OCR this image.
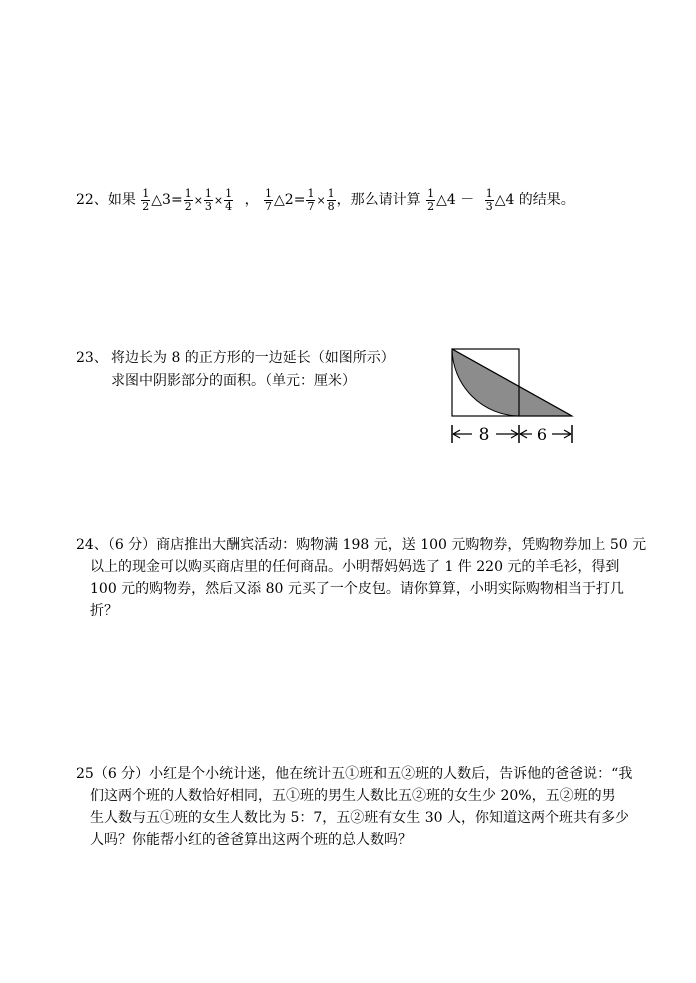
22、如果 $\frac{1}{2}$ △3= $\frac{1}{2} \times \frac{1}{3} \times \frac{1}{4}$ ， $\frac{1}{7}$ △2= $\frac{1}{7} \times \frac{1}{8}$ ，那么请计算 $\frac{1}{2}$ △4 － $\frac{1}{3}$ △4 的结果。
23、 将边长为 8 的正方形的一边延长（如图所示）
求图中阴影部分的面积。（单元：厘米）
8	6
24、（6 分）商店推出大酬宾活动：购物满 198 元，送 100 元购物券，凭购物券加上 50 元
以上的现金可以购买商店里的任何商品。小明帮妈妈选了 1 件 220 元的羊毛衫，得到
100 元的购物券，然后又添 80 元买了一个皮包。请你算算，小明实际购物相当于打几
折？
25（6 分）小红是个小统计迷，他在统计五①班和五②班的人数后，告诉他的爸爸说：“我
们这两个班的人数恰好相同，五①班的男生人数比五②班的女生少 20%，五②班的男
生人数与五①班的女生人数比为 5：7，五②班有女生 30 人，你知道这两个班共有多少
人吗？你能帮小红的爸爸算出这两个班的总人数吗？
